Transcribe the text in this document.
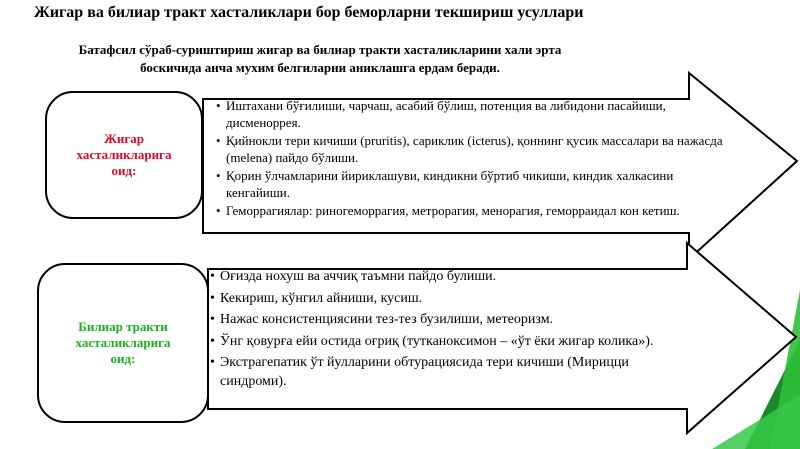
Жигар ва билиар тракт хасталиклари бор беморларни текшириш усуллари
Батафсил сўраб-суриштириш жигар ва билиар тракти хасталикларини хали эрта
боскичида анча мухим белгиларни аниклашга ердам беради.
Жигар
хасталикларига
оид:
• Иштахани бўғилиши, чарчаш, асабий бўлиш, потенция ва либидони пасайиши, дисменоррея.
• Қийнокли тери кичиши (pruritis), сариклик (icterus), қоннинг қусик массалари ва нажасда (melena) пайдо бўлиши.
• Қорин ўлчамларини йириклашуви, киндикни бўртиб чикиши, киндик халкасини кенгайиши.
• Геморрагиялар: риногеморрагия, метрорагия, менорагия, геморраидал кон кетиш.
Билиар тракти
хасталикларига
оид:
• Оғизда нохуш ва аччиқ таъмни пайдо булиши.
• Кекириш, кўнгил айниши, кусиш.
• Нажас консистенциясини тез-тез бузилиши, метеоризм.
• Ўнг қовурға ейи остида оғриқ (тутканоксимон – «ўт ёки жигар колика»).
• Экстрагепатик ўт йулларини обтурациясида тери кичиши (Мирицци синдроми).
